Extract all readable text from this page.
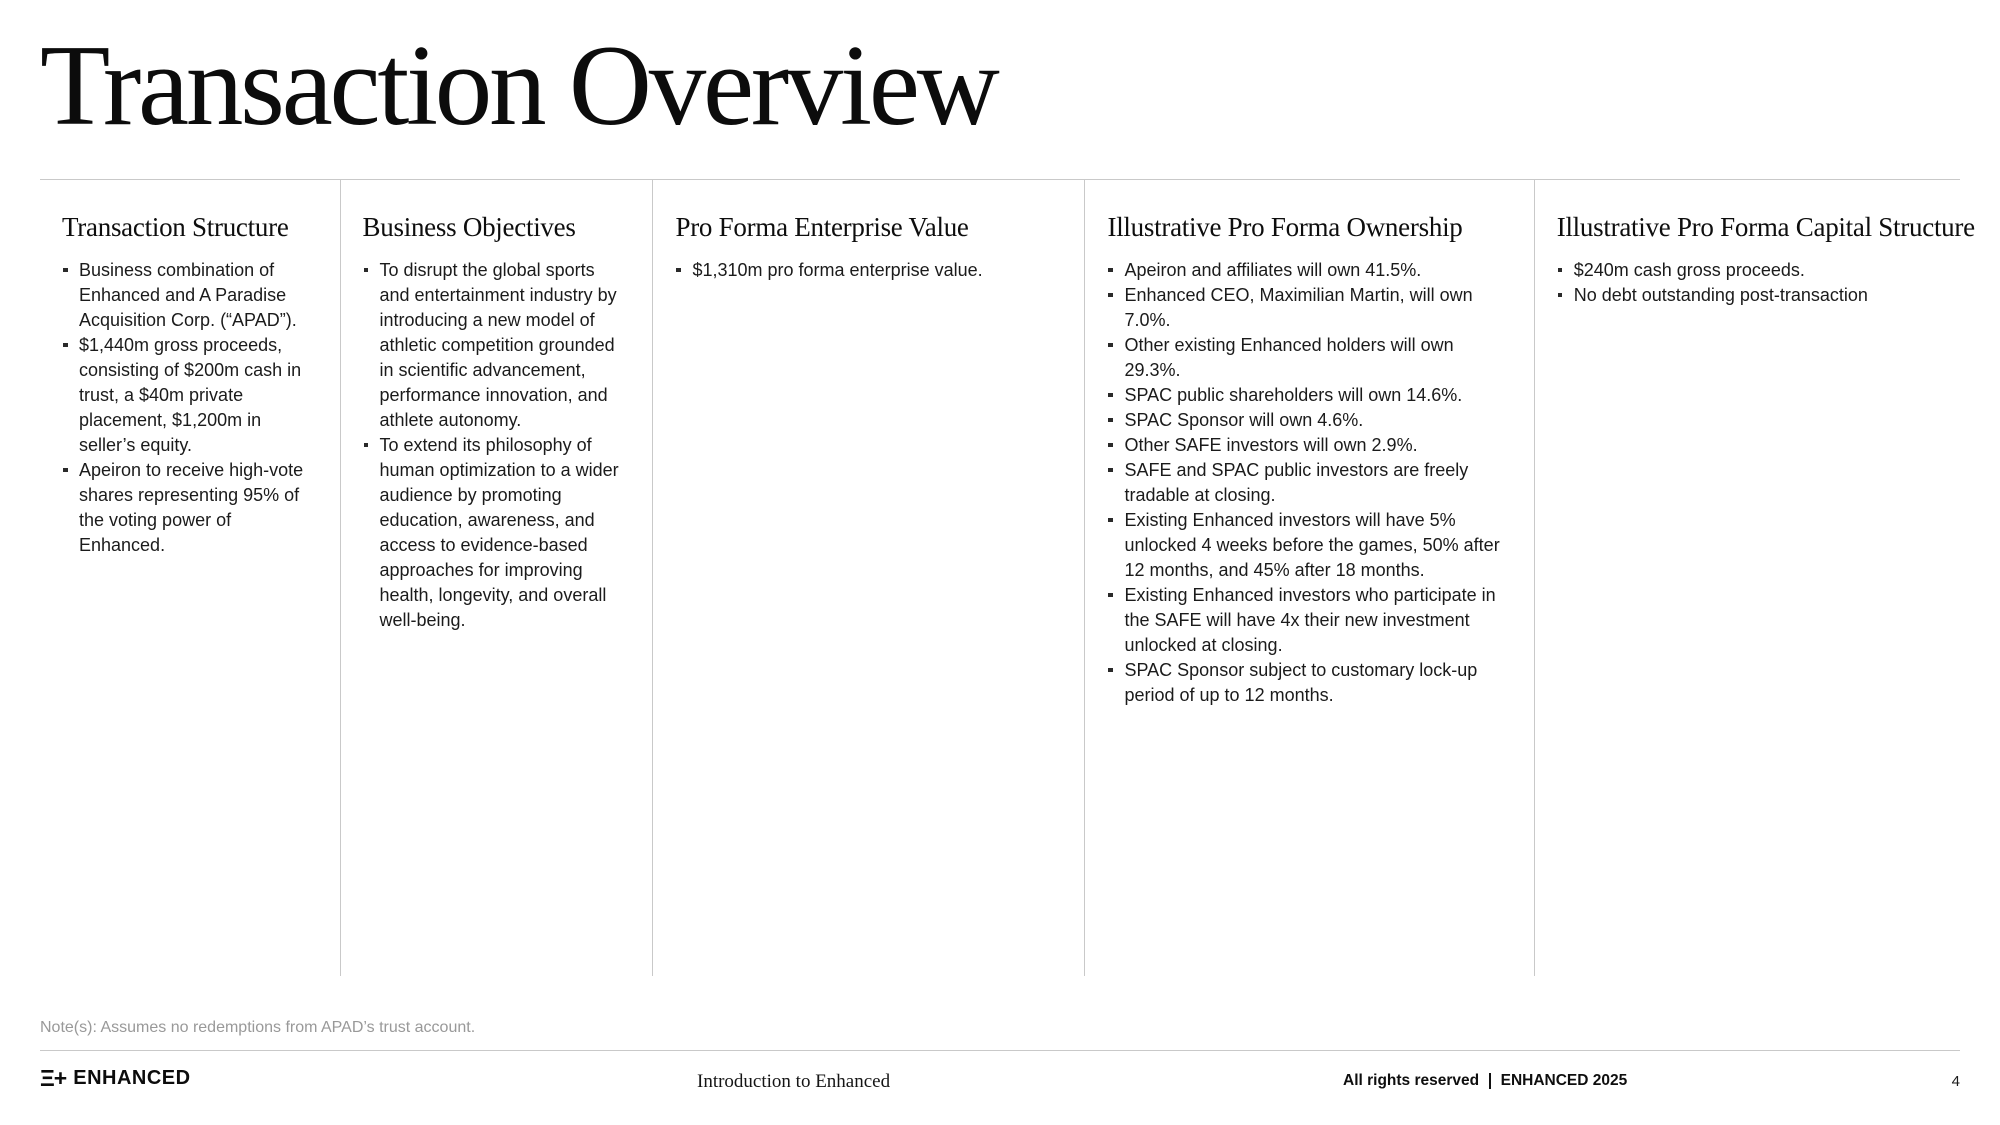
Transaction Overview
Transaction Structure
Business combination of Enhanced and A Paradise Acquisition Corp. (“APAD”).
$1,440m gross proceeds, consisting of $200m cash in trust, a $40m private placement, $1,200m in seller’s equity.
Apeiron to receive high-vote shares representing 95% of the voting power of Enhanced.
Business Objectives
To disrupt the global sports and entertainment industry by introducing a new model of athletic competition grounded in scientific advancement, performance innovation, and athlete autonomy.
To extend its philosophy of human optimization to a wider audience by promoting education, awareness, and access to evidence-based approaches for improving health, longevity, and overall well-being.
Pro Forma Enterprise Value
$1,310m pro forma enterprise value.
Illustrative Pro Forma Ownership
Apeiron and affiliates will own 41.5%.
Enhanced CEO, Maximilian Martin, will own 7.0%.
Other existing Enhanced holders will own 29.3%.
SPAC public shareholders will own 14.6%.
SPAC Sponsor will own 4.6%.
Other SAFE investors will own 2.9%.
SAFE and SPAC public investors are freely tradable at closing.
Existing Enhanced investors will have 5% unlocked 4 weeks before the games, 50% after 12 months, and 45% after 18 months.
Existing Enhanced investors who participate in the SAFE will have 4x their new investment unlocked at closing.
SPAC Sponsor subject to customary lock-up period of up to 12 months.
Illustrative Pro Forma Capital Structure
$240m cash gross proceeds.
No debt outstanding post-transaction
Note(s): Assumes no redemptions from APAD’s trust account.
Ξ+ ENHANCED	Introduction to Enhanced	All rights reserved ENHANCED 2025	4
